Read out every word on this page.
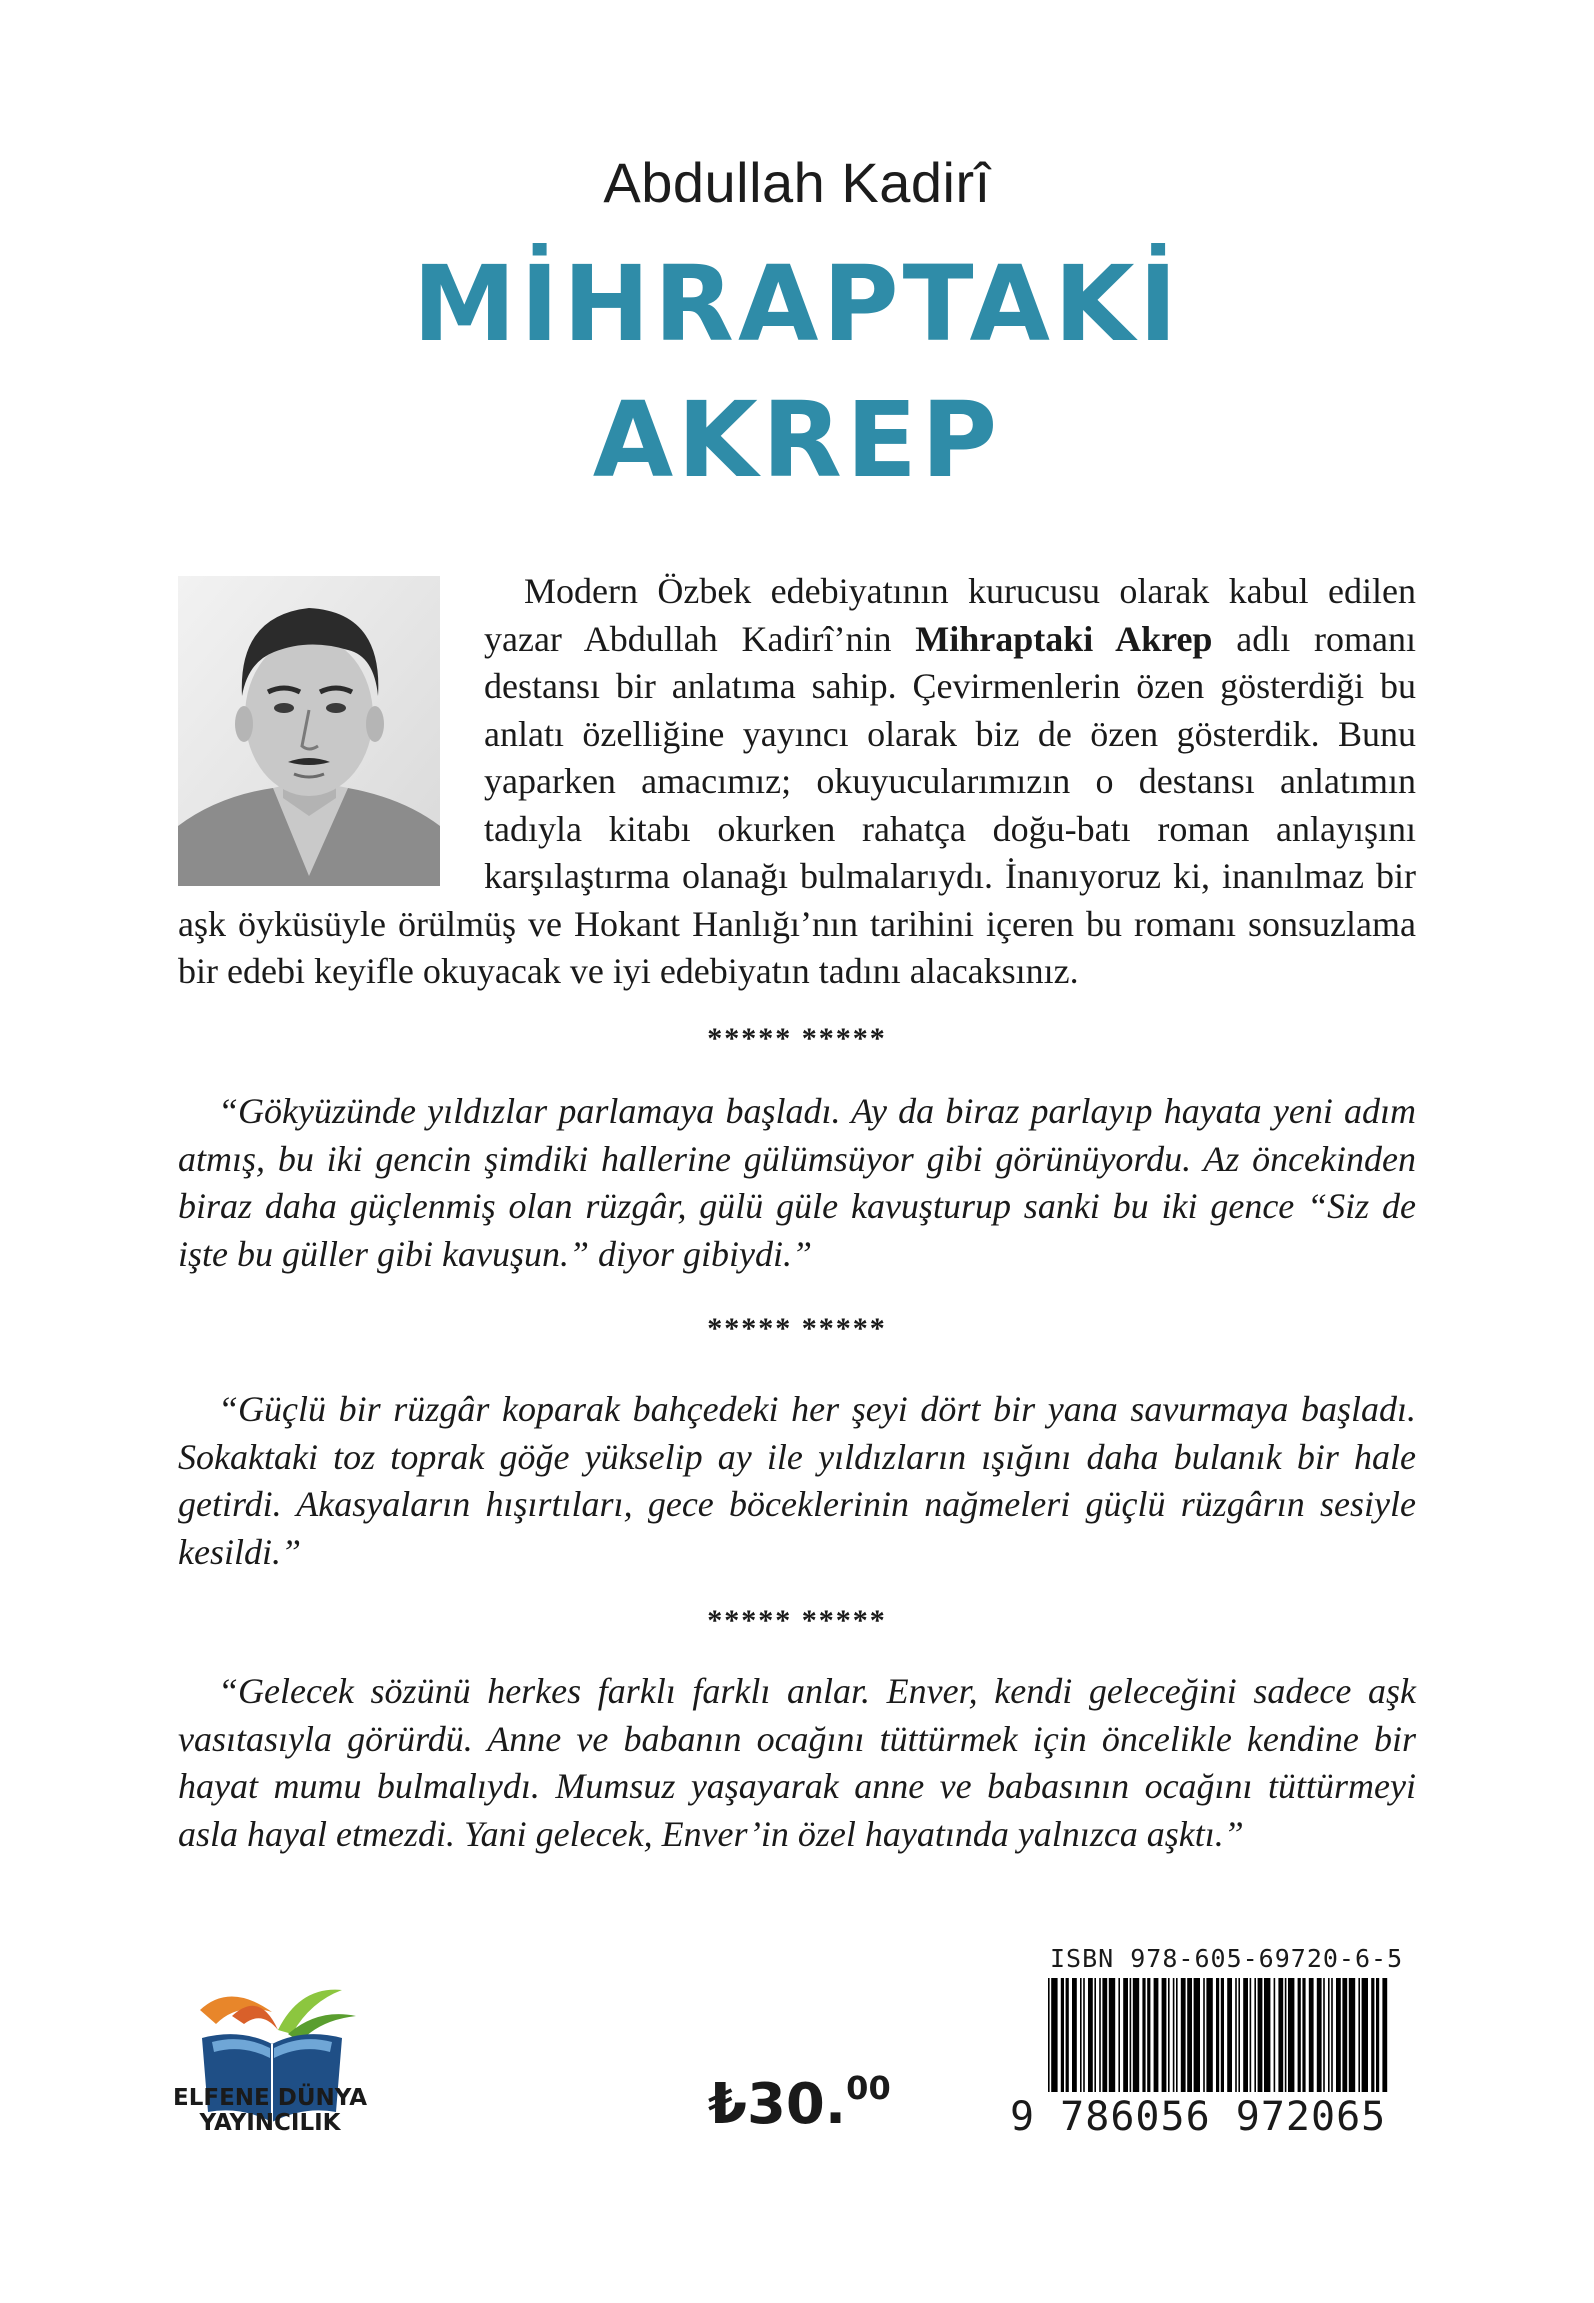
Abdullah Kadirî
MİHRAPTAKİ
AKREP
Modern Özbek edebiyatının kurucusu olarak kabul edilen yazar Abdullah Kadirî’nin Mihraptaki Akrep adlı romanı destansı bir anlatıma sahip. Çevirmenlerin özen gösterdiği bu anlatı özelliğine yayıncı olarak biz de özen gösterdik. Bunu yaparken amacımız; okuyucularımızın o destansı anlatımın tadıyla kitabı okurken rahatça doğu-batı roman anlayışını karşılaştırma olanağı bulmalarıydı. İnanıyoruz ki, inanılmaz bir aşk öyküsüyle örülmüş ve Hokant Hanlığı’nın tarihini içeren bu romanı sonsuzlama bir edebi keyifle okuyacak ve iyi edebiyatın tadını alacaksınız.
***** *****
“Gökyüzünde yıldızlar parlamaya başladı. Ay da biraz parlayıp hayata yeni adım atmış, bu iki gencin şimdiki hallerine gülümsüyor gibi görünüyordu. Az öncekinden biraz daha güçlenmiş olan rüzgâr, gülü güle kavuşturup sanki bu iki gence “Siz de işte bu güller gibi kavuşun.” diyor gibiydi.”
***** *****
“Güçlü bir rüzgâr koparak bahçedeki her şeyi dört bir yana savurmaya başladı. Sokaktaki toz toprak göğe yükselip ay ile yıldızların ışığını daha bulanık bir hale getirdi. Akasyaların hışırtıları, gece böceklerinin nağmeleri güçlü rüzgârın sesiyle kesildi.”
***** *****
“Gelecek sözünü herkes farklı farklı anlar. Enver, kendi geleceğini sadece aşk vasıtasıyla görürdü. Anne ve babanın ocağını tüttürmek için öncelikle kendine bir hayat mumu bulmalıydı. Mumsuz yaşayarak anne ve babasının ocağını tüttürmeyi asla hayal etmezdi. Yani gelecek, Enver’in özel hayatında yalnızca aşktı.”
ELFENE DÜNYA
YAYINCILIK	₺30.00
ISBN 978-605-69720-6-5
9 786056 972065
